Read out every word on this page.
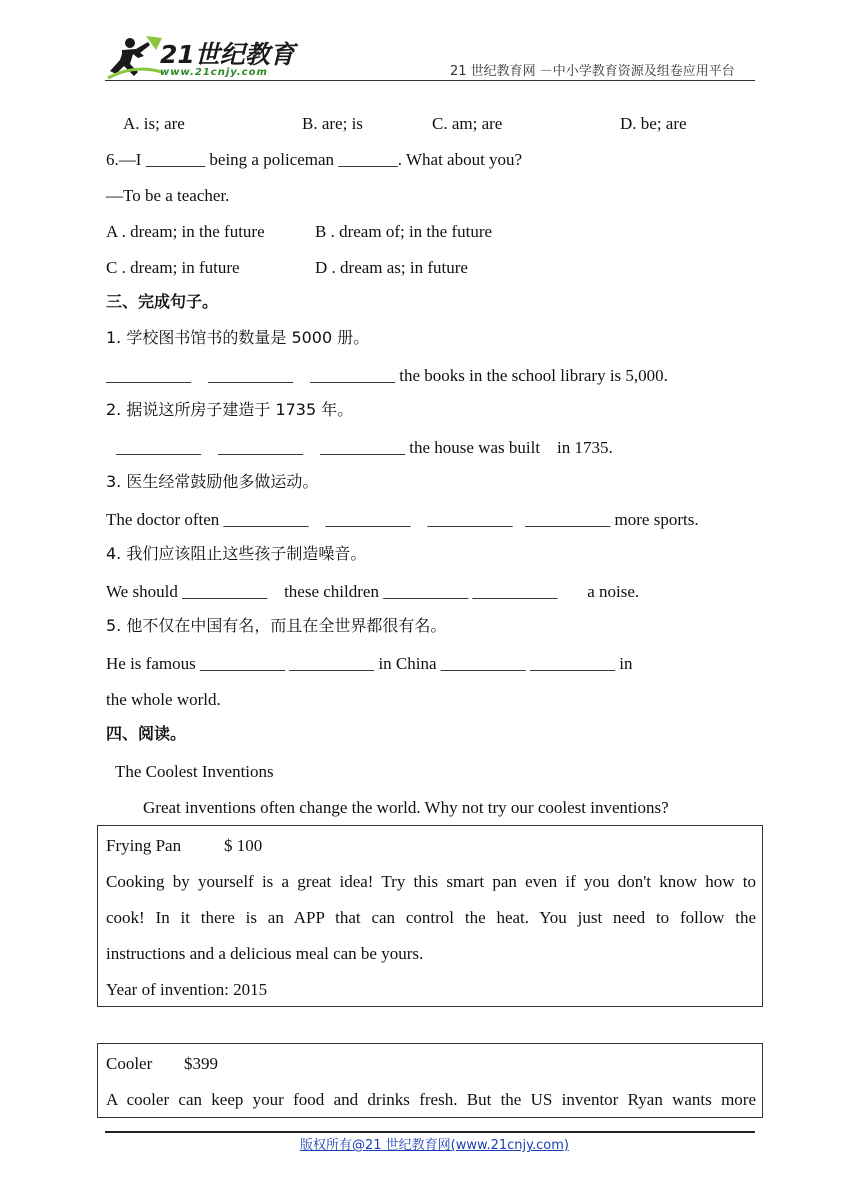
21世纪教育
www.21cnjy.com	21 世纪教育网 －中小学教育资源及组卷应用平台
A. is; are	B. are; is	C. am; are	D. be; are
6.—I _______ being a policeman _______. What about you?
—To be a teacher.
A . dream; in the future	B . dream of; in the future
C . dream; in future	D . dream as; in future
三、完成句子。
1. 学校图书馆书的数量是 5000 册。
__________    __________    __________ the books in the school library is 5,000.
2. 据说这所房子建造于 1735 年。
__________    __________    __________ the house was built    in 1735.
3. 医生经常鼓励他多做运动。
The doctor often __________    __________    __________   __________ more sports.
4. 我们应该阻止这些孩子制造噪音。
We should __________    these children __________ __________       a noise.
5. 他不仅在中国有名，而且在全世界都很有名。
He is famous __________ __________ in China __________ __________ in
the whole world.
四、阅读。
The Coolest Inventions
Great inventions often change the world. Why not try our coolest inventions?
Frying Pan	$ 100
Cooking by yourself is a great idea! Try this smart pan even if you don't know how to
cook! In it there is an APP that can control the heat. You just need to follow the
instructions and a delicious meal can be yours.
Year of invention: 2015
Cooler $399
A cooler can keep your food and drinks fresh. But the US inventor Ryan wants more
版权所有@21 世纪教育网(www.21cnjy.com)
